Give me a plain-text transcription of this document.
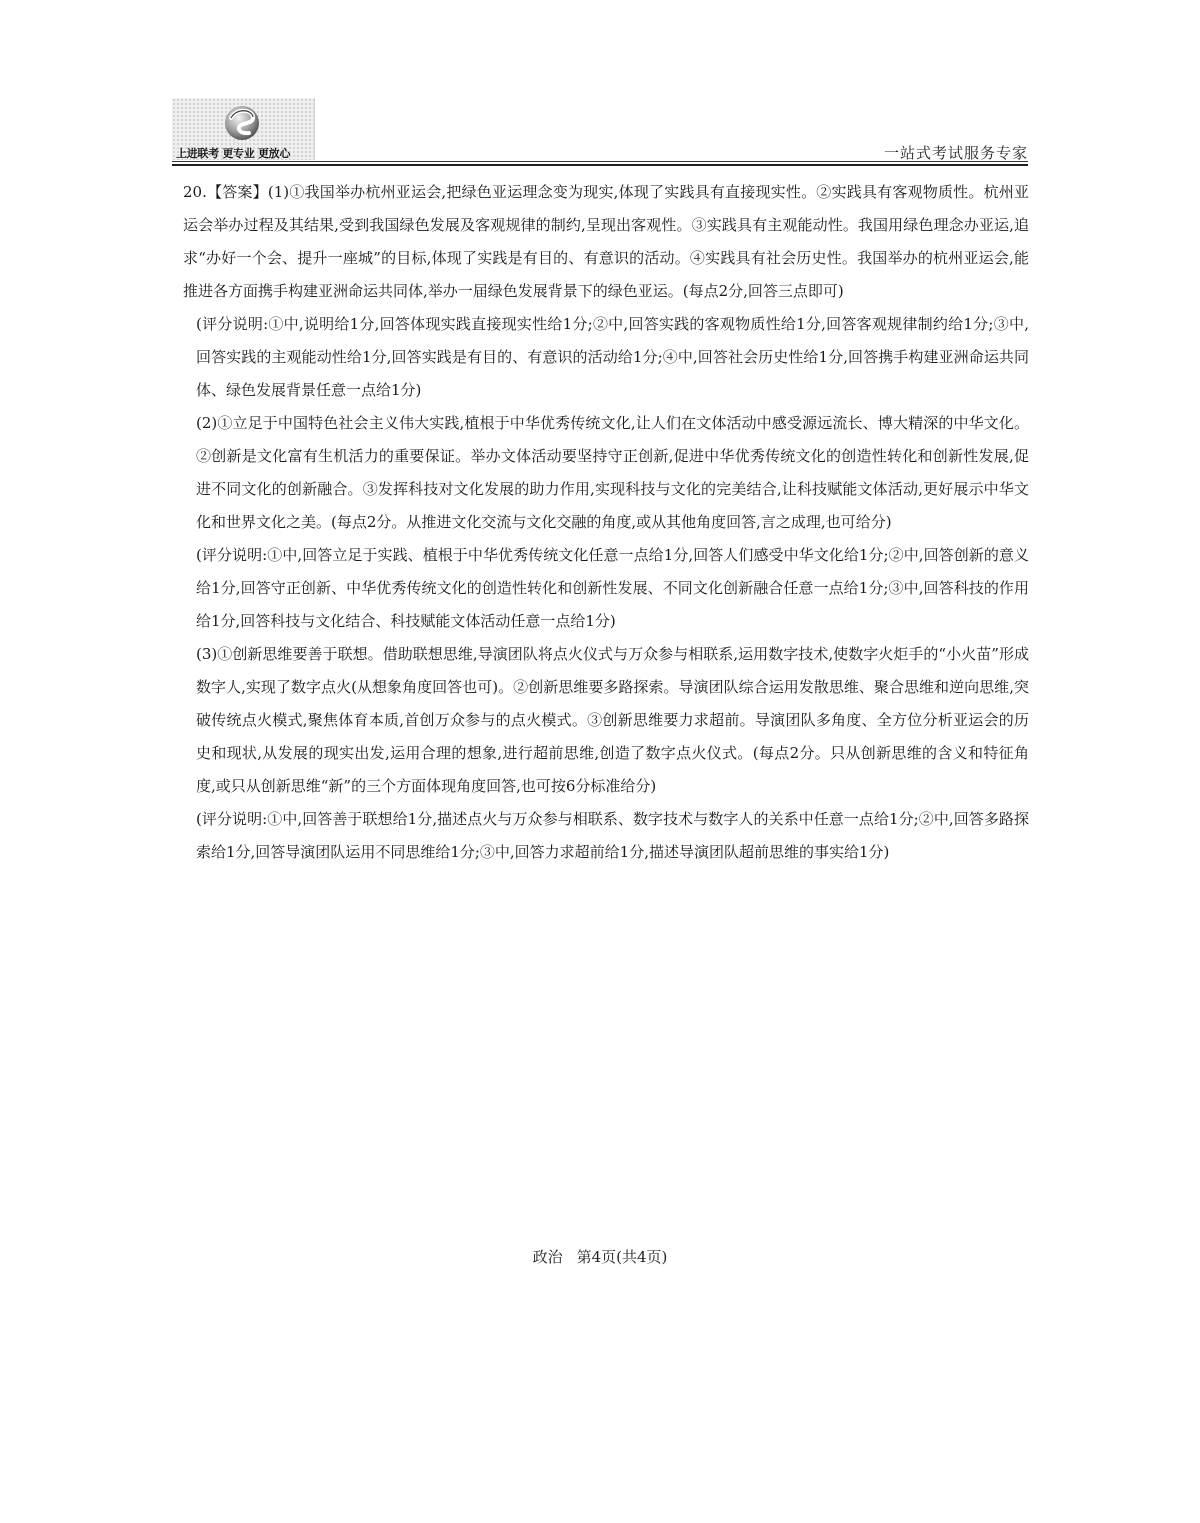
上进联考 更专业 更放心	一站式考试服务专家

20.【答案】(1)①我国举办杭州亚运会,把绿色亚运理念变为现实,体现了实践具有直接现实性。②实践具有客观物质性。杭州亚运会举办过程及其结果,受到我国绿色发展及客观规律的制约,呈现出客观性。③实践具有主观能动性。我国用绿色理念办亚运,追求“办好一个会、提升一座城”的目标,体现了实践是有目的、有意识的活动。④实践具有社会历史性。我国举办的杭州亚运会,能推进各方面携手构建亚洲命运共同体,举办一届绿色发展背景下的绿色亚运。(每点2分,回答三点即可)

(评分说明:①中,说明给1分,回答体现实践直接现实性给1分;②中,回答实践的客观物质性给1分,回答客观规律制约给1分;③中,回答实践的主观能动性给1分,回答实践是有目的、有意识的活动给1分;④中,回答社会历史性给1分,回答携手构建亚洲命运共同体、绿色发展背景任意一点给1分)

(2)①立足于中国特色社会主义伟大实践,植根于中华优秀传统文化,让人们在文体活动中感受源远流长、博大精深的中华文化。②创新是文化富有生机活力的重要保证。举办文体活动要坚持守正创新,促进中华优秀传统文化的创造性转化和创新性发展,促进不同文化的创新融合。③发挥科技对文化发展的助力作用,实现科技与文化的完美结合,让科技赋能文体活动,更好展示中华文化和世界文化之美。(每点2分。从推进文化交流与文化交融的角度,或从其他角度回答,言之成理,也可给分)

(评分说明:①中,回答立足于实践、植根于中华优秀传统文化任意一点给1分,回答人们感受中华文化给1分;②中,回答创新的意义给1分,回答守正创新、中华优秀传统文化的创造性转化和创新性发展、不同文化创新融合任意一点给1分;③中,回答科技的作用给1分,回答科技与文化结合、科技赋能文体活动任意一点给1分)

(3)①创新思维要善于联想。借助联想思维,导演团队将点火仪式与万众参与相联系,运用数字技术,使数字火炬手的“小火苗”形成数字人,实现了数字点火(从想象角度回答也可)。②创新思维要多路探索。导演团队综合运用发散思维、聚合思维和逆向思维,突破传统点火模式,聚焦体育本质,首创万众参与的点火模式。③创新思维要力求超前。导演团队多角度、全方位分析亚运会的历史和现状,从发展的现实出发,运用合理的想象,进行超前思维,创造了数字点火仪式。(每点2分。只从创新思维的含义和特征角度,或只从创新思维“新”的三个方面体现角度回答,也可按6分标准给分)

(评分说明:①中,回答善于联想给1分,描述点火与万众参与相联系、数字技术与数字人的关系中任意一点给1分;②中,回答多路探索给1分,回答导演团队运用不同思维给1分;③中,回答力求超前给1分,描述导演团队超前思维的事实给1分)

政治 第4页(共4页)
